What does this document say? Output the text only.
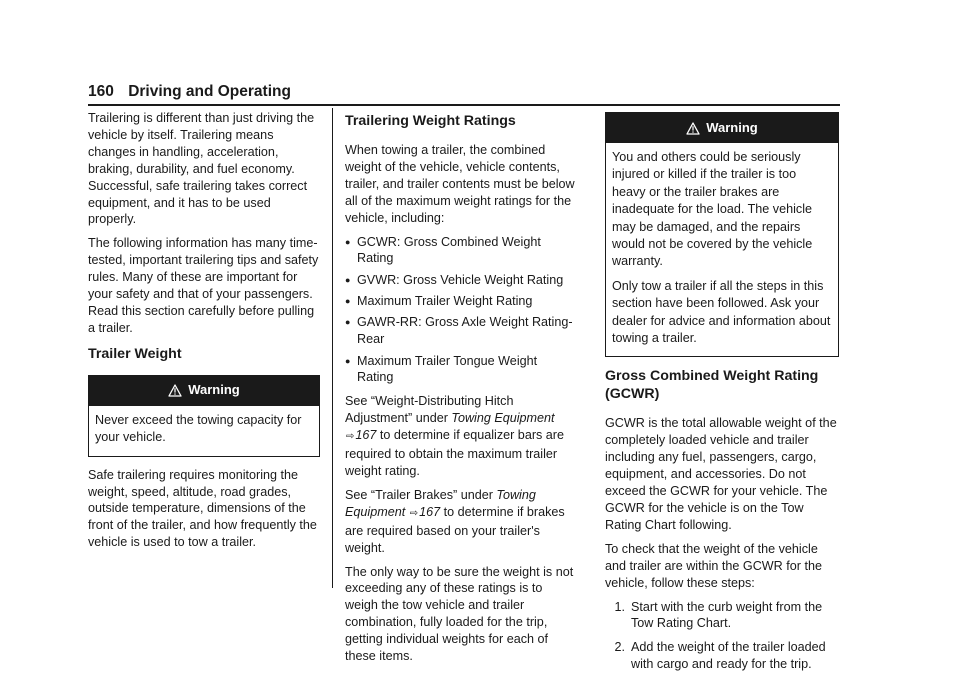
160 Driving and Operating

Trailering is different than just driving the vehicle by itself. Trailering means changes in handling, acceleration, braking, durability, and fuel economy. Successful, safe trailering takes correct equipment, and it has to be used properly.

The following information has many time-tested, important trailering tips and safety rules. Many of these are important for your safety and that of your passengers. Read this section carefully before pulling a trailer.

Trailer Weight
Warning

Never exceed the towing capacity for your vehicle.

Safe trailering requires monitoring the weight, speed, altitude, road grades, outside temperature, dimensions of the front of the trailer, and how frequently the vehicle is used to tow a trailer.

Trailering Weight Ratings

When towing a trailer, the combined weight of the vehicle, vehicle contents, trailer, and trailer contents must be below all of the maximum weight ratings for the vehicle, including:

● GCWR: Gross Combined Weight Rating
● GVWR: Gross Vehicle Weight Rating
● Maximum Trailer Weight Rating
● GAWR-RR: Gross Axle Weight Rating-Rear
● Maximum Trailer Tongue Weight Rating

See “Weight-Distributing Hitch Adjustment” under Towing Equipment ⇨167 to determine if equalizer bars are required to obtain the maximum trailer weight rating.

See “Trailer Brakes” under Towing Equipment ⇨167 to determine if brakes are required based on your trailer's weight.

The only way to be sure the weight is not exceeding any of these ratings is to weigh the tow vehicle and trailer combination, fully loaded for the trip, getting individual weights for each of these items.

Warning

You and others could be seriously injured or killed if the trailer is too heavy or the trailer brakes are inadequate for the load. The vehicle may be damaged, and the repairs would not be covered by the vehicle warranty.

Only tow a trailer if all the steps in this section have been followed. Ask your dealer for advice and information about towing a trailer.

Gross Combined Weight Rating (GCWR)

GCWR is the total allowable weight of the completely loaded vehicle and trailer including any fuel, passengers, cargo, equipment, and accessories. Do not exceed the GCWR for your vehicle. The GCWR for the vehicle is on the Tow Rating Chart following.

To check that the weight of the vehicle and trailer are within the GCWR for the vehicle, follow these steps:

1. Start with the curb weight from the Tow Rating Chart.
2. Add the weight of the trailer loaded with cargo and ready for the trip.
